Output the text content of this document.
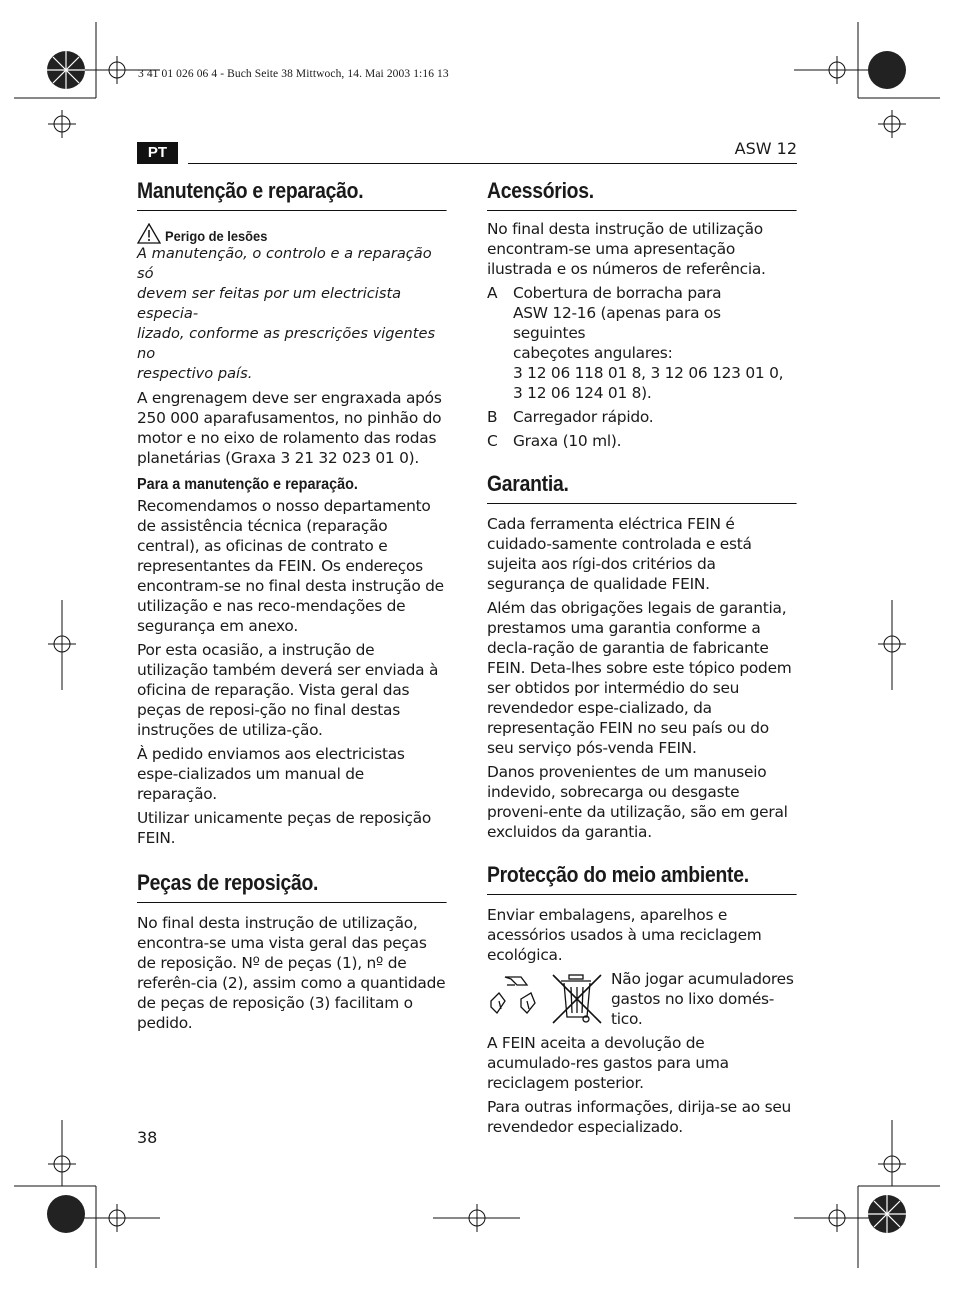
3 41 01 026 06 4 - Buch Seite 38 Mittwoch, 14. Mai 2003 1:16 13
PT	ASW 12
Manutenção e reparação.
Perigo de lesões
A manutenção, o controlo e a reparação só
devem ser feitas por um electricista especia-
lizado, conforme as prescrições vigentes no
respectivo país.

A engrenagem deve ser engraxada após 250 000 aparafusamentos, no pinhão do motor e no eixo de rolamento das rodas planetárias (Graxa 3 21 32 023 01 0).

Para a manutenção e reparação.

Recomendamos o nosso departamento de assistência técnica (reparação central), as oficinas de contrato e representantes da FEIN. Os endereços encontram-se no final desta instrução de utilização e nas reco-mendações de segurança em anexo.

Por esta ocasião, a instrução de utilização também deverá ser enviada à oficina de reparação. Vista geral das peças de reposi-ção no final destas instruções de utiliza-ção.

À pedido enviamos aos electricistas espe-cializados um manual de reparação.

Utilizar unicamente peças de reposição FEIN.

Peças de reposição.

No final desta instrução de utilização, encontra-se uma vista geral das peças de reposição. Nº de peças (1), nº de referên-cia (2), assim como a quantidade de peças de reposição (3) facilitam o pedido.

Acessórios.

No final desta instrução de utilização encontram-se uma apresentação ilustrada e os números de referência.

A	Cobertura de borracha para
ASW 12-16 (apenas para os seguintes
cabeçotes angulares:
3 12 06 118 01 8, 3 12 06 123 01 0,
3 12 06 124 01 8).
B	Carregador rápido.
C	Graxa (10 ml).
Garantia.

Cada ferramenta eléctrica FEIN é cuidado-samente controlada e está sujeita aos rígi-dos critérios da segurança de qualidade FEIN.

Além das obrigações legais de garantia, prestamos uma garantia conforme a decla-ração de garantia de fabricante FEIN. Deta-lhes sobre este tópico podem ser obtidos por intermédio do seu revendedor espe-cializado, da representação FEIN no seu país ou do seu serviço pós-venda FEIN.

Danos provenientes de um manuseio indevido, sobrecarga ou desgaste proveni-ente da utilização, são em geral excluidos da garantia.

Protecção do meio ambiente.

Enviar embalagens, aparelhos e acessórios usados à uma reciclagem ecológica.

Não jogar acumuladores gastos no lixo domés-tico.

A FEIN aceita a devolução de acumulado-res gastos para uma reciclagem posterior.

Para outras informações, dirija-se ao seu revendedor especializado.

38
